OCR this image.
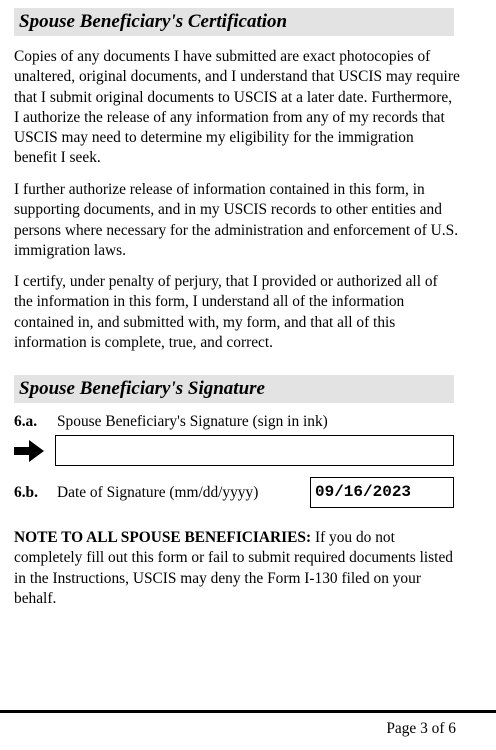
Spouse Beneficiary's Certification

Copies of any documents I have submitted are exact photocopies of unaltered, original documents, and I understand that USCIS may require that I submit original documents to USCIS at a later date. Furthermore, I authorize the release of any information from any of my records that USCIS may need to determine my eligibility for the immigration benefit I seek.

I further authorize release of information contained in this form, in supporting documents, and in my USCIS records to other entities and persons where necessary for the administration and enforcement of U.S. immigration laws.

I certify, under penalty of perjury, that I provided or authorized all of the information in this form, I understand all of the information contained in, and submitted with, my form, and that all of this information is complete, true, and correct.

Spouse Beneficiary's Signature
6.a. Spouse Beneficiary's Signature (sign in ink)
6.b. Date of Signature (mm/dd/yyyy)	09/16/2023

NOTE TO ALL SPOUSE BENEFICIARIES: If you do not completely fill out this form or fail to submit required documents listed in the Instructions, USCIS may deny the Form I-130 filed on your behalf.

Page 3 of 6
